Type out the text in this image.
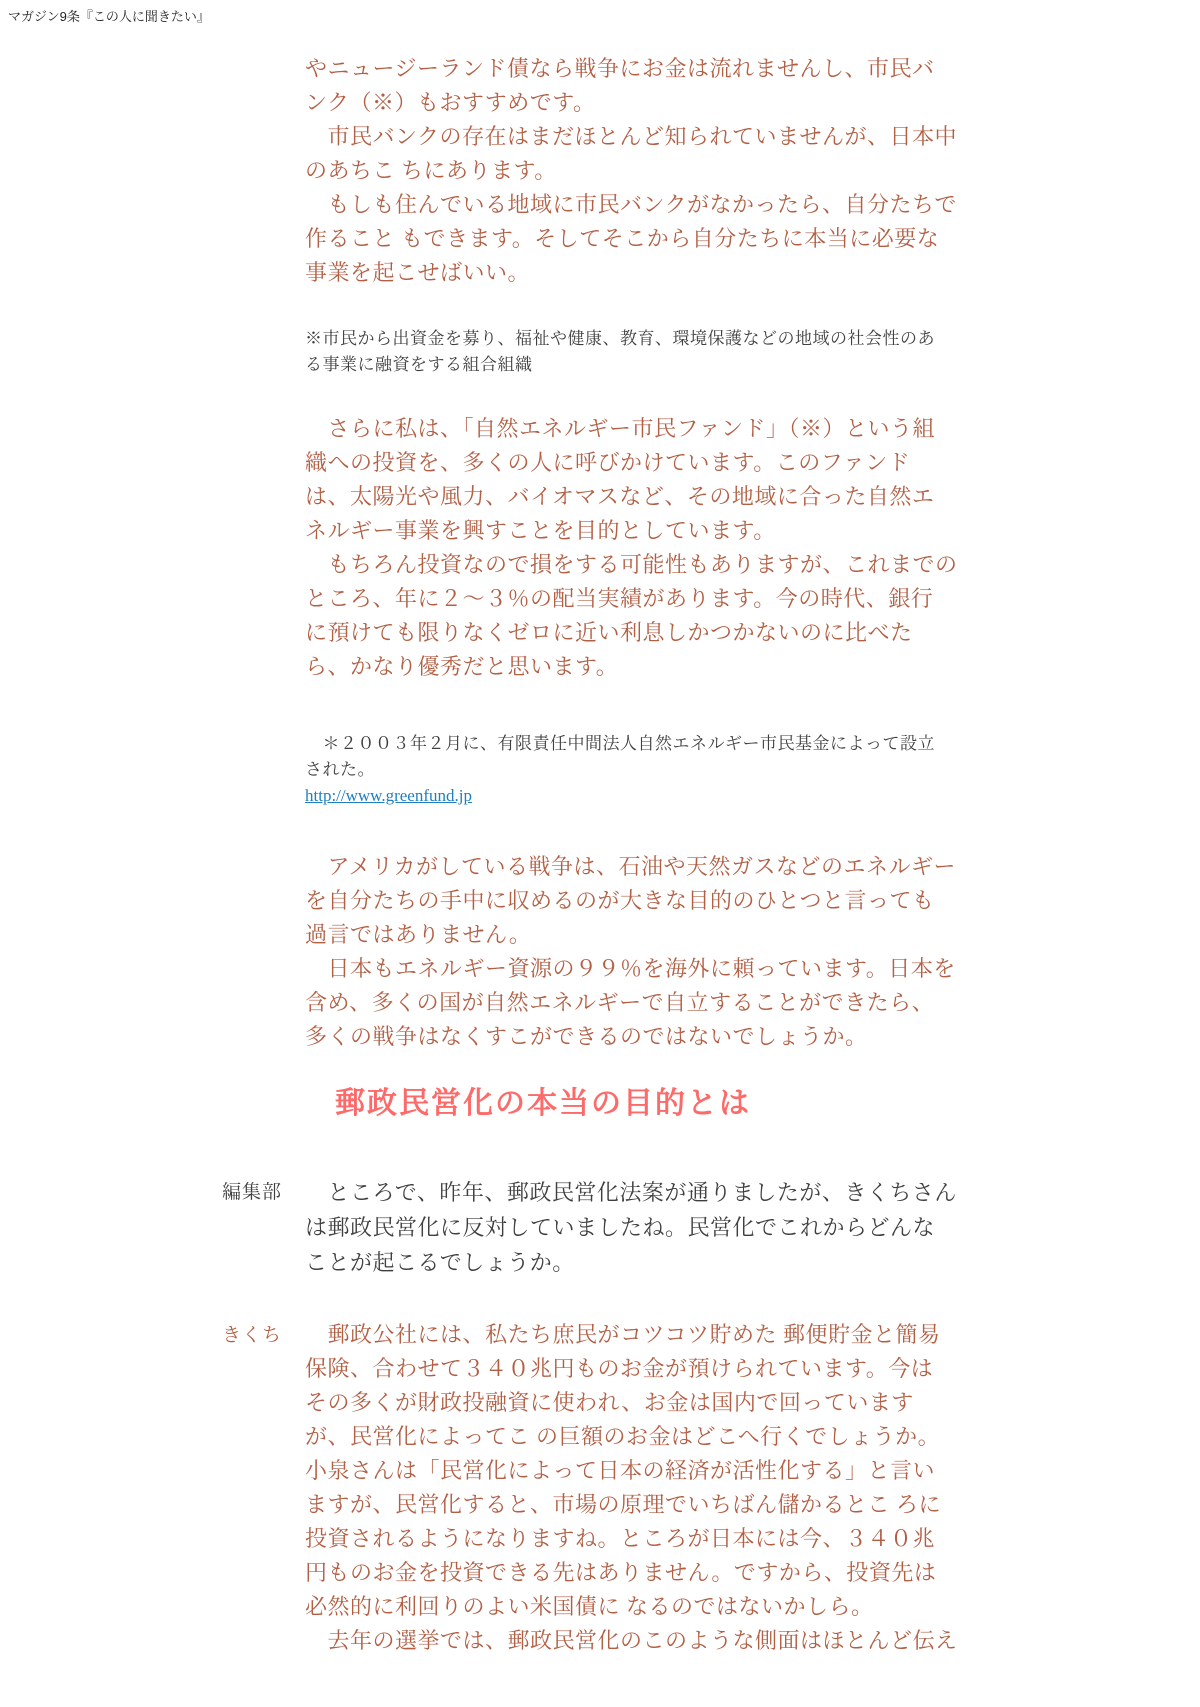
マガジン9条『この人に聞きたい』
やニュージーランド債なら戦争にお金は流れませんし、市民バ
ンク（※）もおすすめです。
　市民バンクの存在はまだほとんど知られていませんが、日本中
のあちこ ちにあります。
　もしも住んでいる地域に市民バンクがなかったら、自分たちで
作ること もできます。そしてそこから自分たちに本当に必要な
事業を起こせばいい。
※市民から出資金を募り、福祉や健康、教育、環境保護などの地域の社会性のあ
る事業に融資をする組合組織
　さらに私は、「自然エネルギー市民ファンド」（※）という組
織への投資を、多くの人に呼びかけています。このファンド
は、太陽光や風力、バイオマスなど、その地域に合った自然エ
ネルギー事業を興すことを目的としています。
　もちろん投資なので損をする可能性もありますが、これまでの
ところ、年に２〜３％の配当実績があります。今の時代、銀行
に預けても限りなくゼロに近い利息しかつかないのに比べた
ら、かなり優秀だと思います。
　＊２００３年２月に、有限責任中間法人自然エネルギー市民基金によって設立
された。
http://www.greenfund.jp
　アメリカがしている戦争は、石油や天然ガスなどのエネルギー
を自分たちの手中に収めるのが大きな目的のひとつと言っても
過言ではありません。
　日本もエネルギー資源の９９％を海外に頼っています。日本を
含め、多くの国が自然エネルギーで自立することができたら、
多くの戦争はなくすこができるのではないでしょうか。
郵政民営化の本当の目的とは
編集部	　ところで、昨年、郵政民営化法案が通りましたが、きくちさん
は郵政民営化に反対していましたね。民営化でこれからどんな
ことが起こるでしょうか。
きくち	　郵政公社には、私たち庶民がコツコツ貯めた 郵便貯金と簡易
保険、合わせて３４０兆円ものお金が預けられています。今は
その多くが財政投融資に使われ、お金は国内で回っています
が、民営化によってこ の巨額のお金はどこへ行くでしょうか。
小泉さんは「民営化によって日本の経済が活性化する」と言い
ますが、民営化すると、市場の原理でいちばん儲かるとこ ろに
投資されるようになりますね。ところが日本には今、３４０兆
円ものお金を投資できる先はありません。ですから、投資先は
必然的に利回りのよい米国債に なるのではないかしら。
　去年の選挙では、郵政民営化のこのような側面はほとんど伝え
